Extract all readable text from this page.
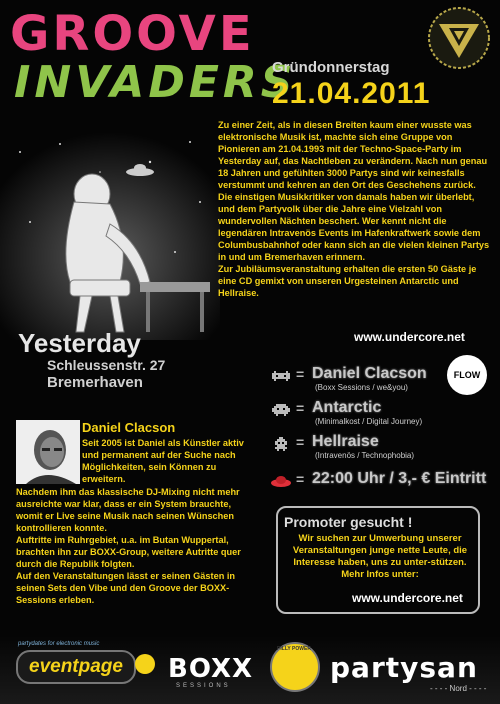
GROOVE
INVADERS
Gründonnerstag
21.04.2011

Zu einer Zeit, als in diesen Breiten kaum einer wusste was elektronische Musik ist, machte sich eine Gruppe von Pionieren am 21.04.1993 mit der Techno-Space-Party im Yesterday auf, das Nachtleben zu verändern. Nach nun genau 18 Jahren und gefühlten 3000 Partys sind wir keinesfalls verstummt und kehren an den Ort des Geschehens zurück. Die einstigen Musikkritiker von damals haben wir überlebt, und dem Partyvolk über die Jahre eine Vielzahl von wundervollen Nächten beschert. Wer kennt nicht die legendären Intravenös Events im Hafenkraftwerk sowie dem Columbusbahnhof oder kann sich an die vielen kleinen Partys in und um Bremerhaven erinnern.

Zur Jubiläumsveranstaltung erhalten die ersten 50 Gäste je eine CD gemixt von unseren Urgesteinen Antarctic und Hellraise.

www.undercore.net
Yesterday
Schleussenstr. 27
Bremerhaven	= Daniel Clacson
(Boxx Sessions / we&you)
= Antarctic
(Minimalkost / Digital Journey)
= Hellraise
(Intravenös / Technophobia)
= 22:00 Uhr / 3,- € Eintritt
FLOW
Daniel Clacson
Seit 2005 ist Daniel als Künstler aktiv und permanent auf der Suche nach Möglichkeiten, sein Können zu erweitern.

Nachdem ihm das klassische DJ-Mixing nicht mehr ausreichte war klar, dass er ein System brauchte, womit er Live seine Musik nach seinen Wünschen kontrollieren konnte.

Auftritte im Ruhrgebiet, u.a. im Butan Wuppertal, brachten ihn zur BOXX-Group, weitere Autritte quer durch die Republik folgten.

Auf den Veranstaltungen lässt er seinen Gästen in seinen Sets den Vibe und den Groove der BOXX-Sessions erleben.

Promoter gesucht !
Wir suchen zur Umwerbung unserer Veranstaltungen junge nette Leute, die Interesse haben, uns zu unter-stützen. Mehr Infos unter:
www.undercore.net
partydates for electronic music
eventpage	BOXX
SESSIONS
PILLY POWER
partysan
- - - - Nord - - - -
